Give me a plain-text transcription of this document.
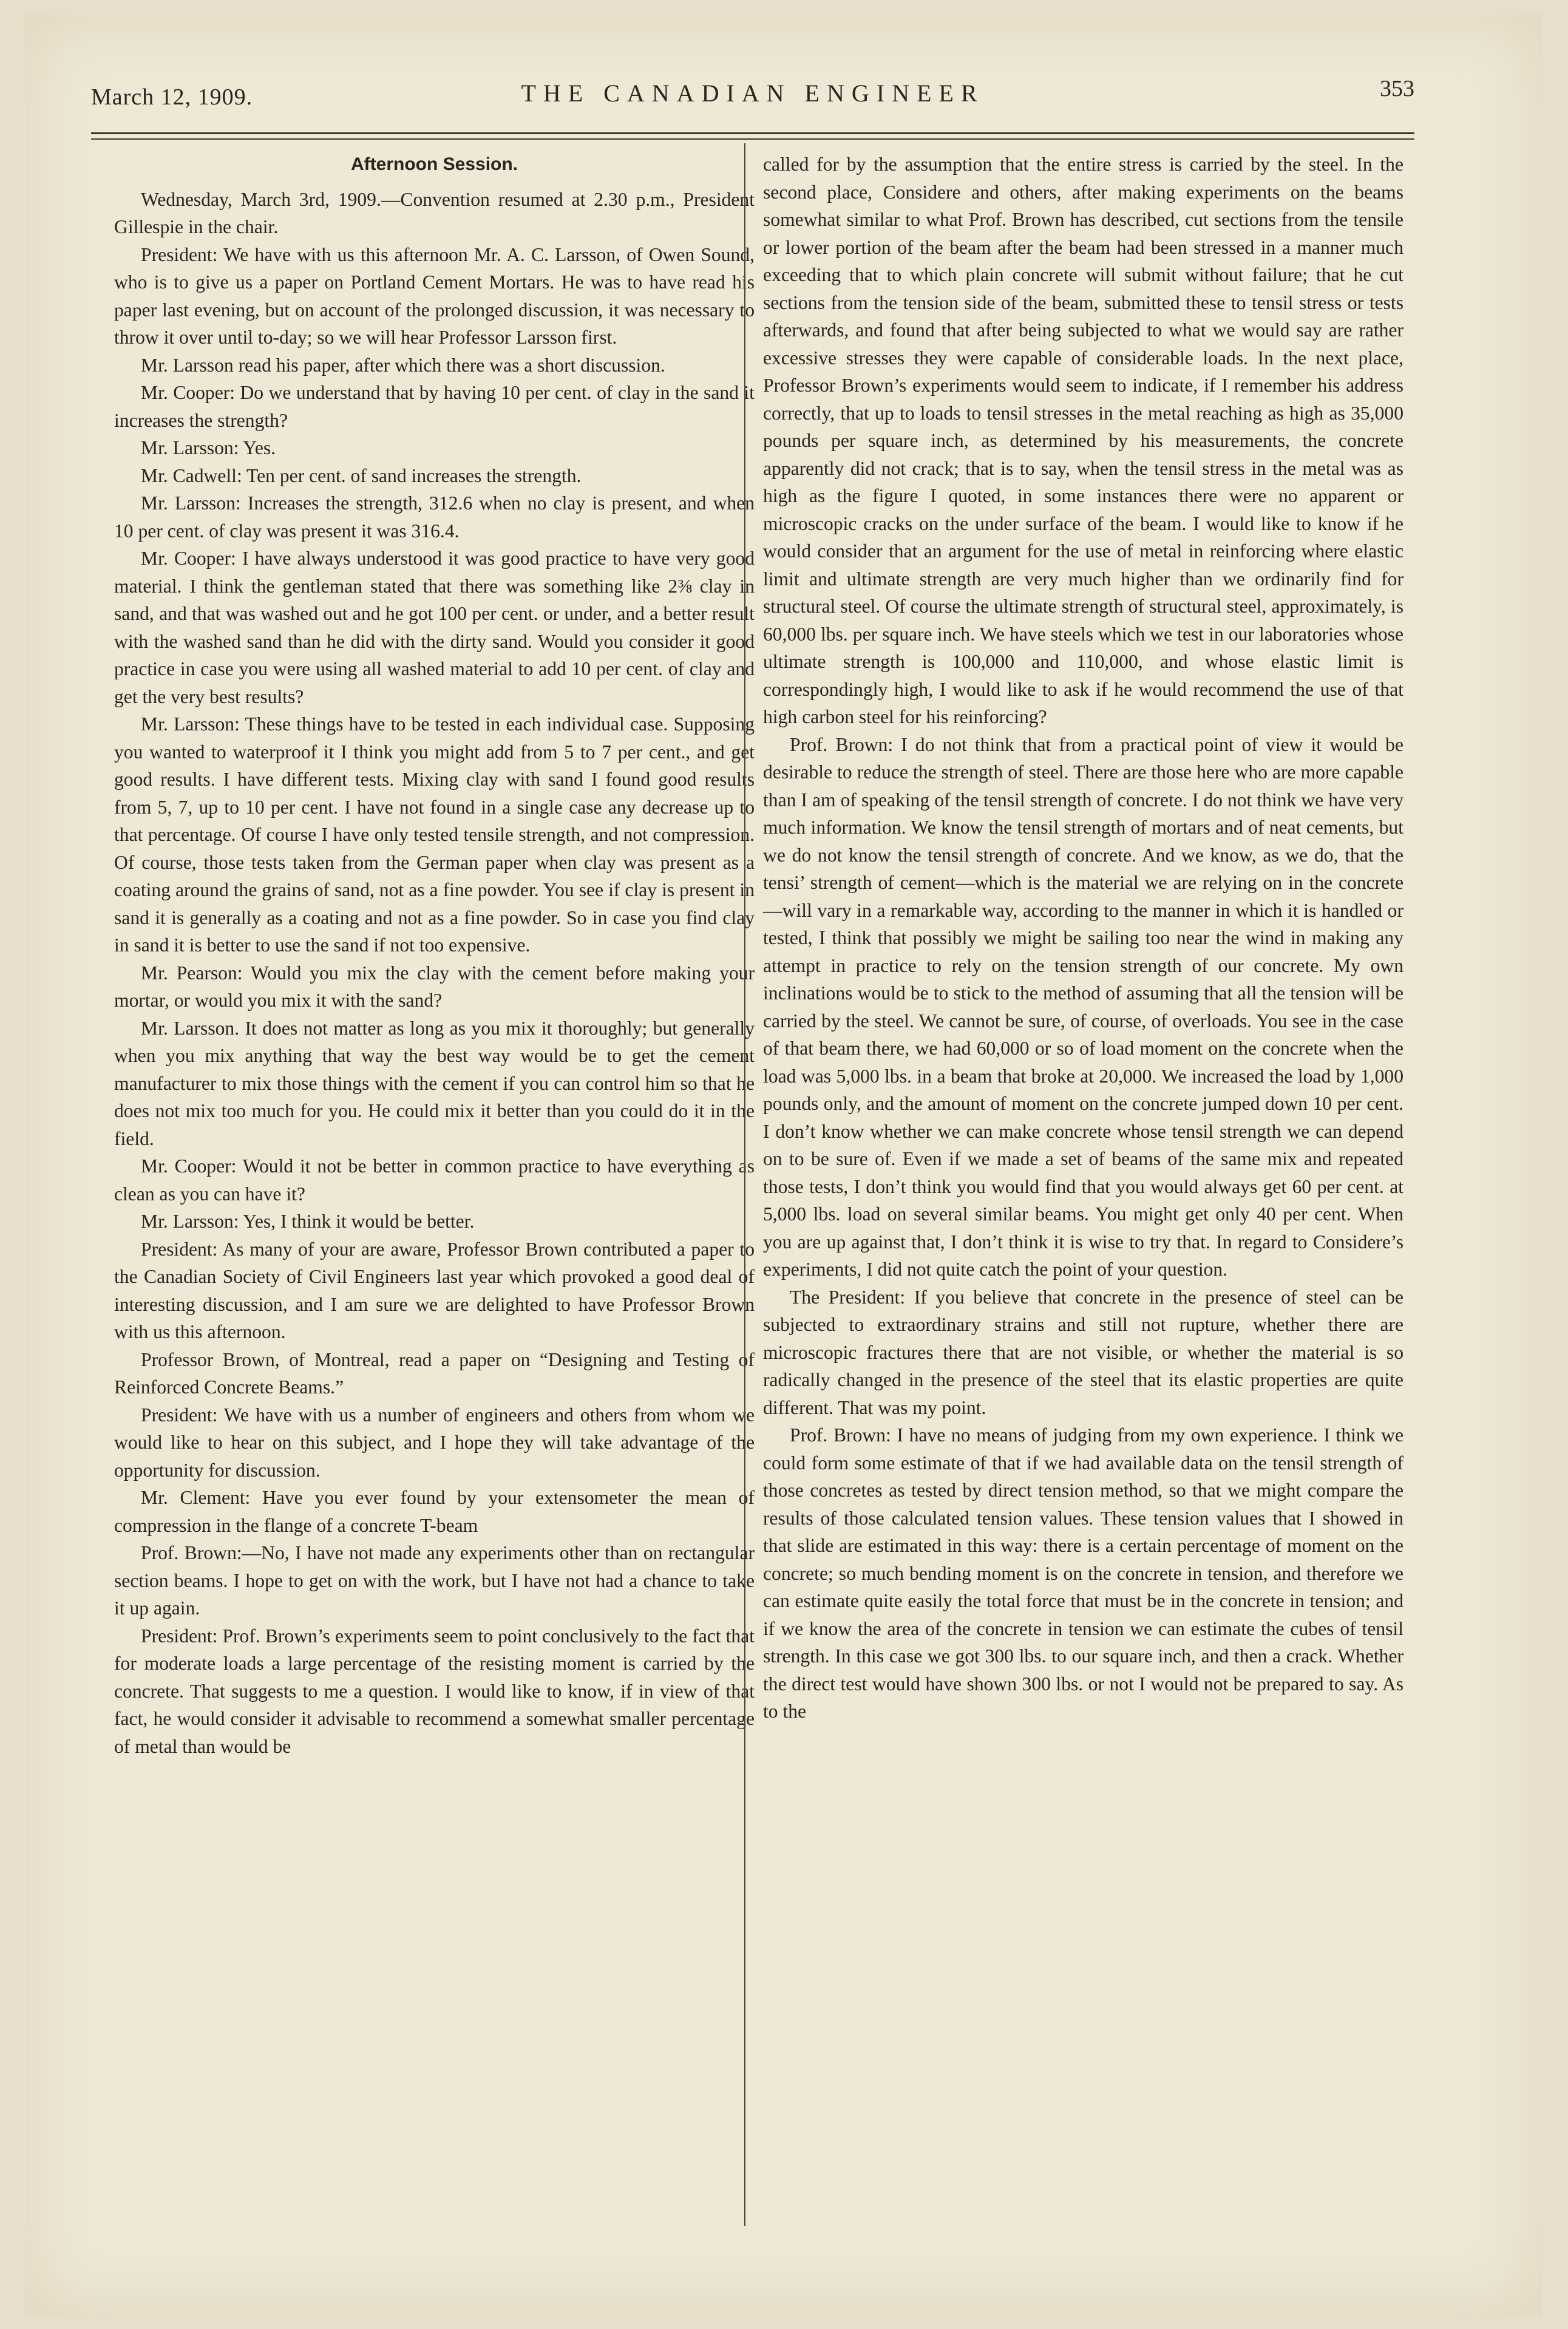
March 12, 1909.	THE CANADIAN ENGINEER	353
Afternoon Session.

Wednesday, March 3rd, 1909.—Convention resumed at 2.30 p.m., President Gillespie in the chair.

President: We have with us this afternoon Mr. A. C. Larsson, of Owen Sound, who is to give us a paper on Portland Cement Mortars. He was to have read his paper last evening, but on account of the prolonged discussion, it was necessary to throw it over until to-day; so we will hear Professor Larsson first.

Mr. Larsson read his paper, after which there was a short discussion.

Mr. Cooper: Do we understand that by having 10 per cent. of clay in the sand it increases the strength?

Mr. Larsson: Yes.

Mr. Cadwell: Ten per cent. of sand increases the strength.

Mr. Larsson: Increases the strength, 312.6 when no clay is present, and when 10 per cent. of clay was present it was 316.4.

Mr. Cooper: I have always understood it was good practice to have very good material. I think the gentleman stated that there was something like 2⅜ clay in sand, and that was washed out and he got 100 per cent. or under, and a better result with the washed sand than he did with the dirty sand. Would you consider it good practice in case you were using all washed material to add 10 per cent. of clay and get the very best results?

Mr. Larsson: These things have to be tested in each individual case. Supposing you wanted to waterproof it I think you might add from 5 to 7 per cent., and get good results. I have different tests. Mixing clay with sand I found good results from 5, 7, up to 10 per cent. I have not found in a single case any decrease up to that percentage. Of course I have only tested tensile strength, and not compression. Of course, those tests taken from the German paper when clay was present as a coating around the grains of sand, not as a fine powder. You see if clay is present in sand it is generally as a coating and not as a fine powder. So in case you find clay in sand it is better to use the sand if not too expensive.

Mr. Pearson: Would you mix the clay with the cement before making your mortar, or would you mix it with the sand?

Mr. Larsson. It does not matter as long as you mix it thoroughly; but generally when you mix anything that way the best way would be to get the cement manufacturer to mix those things with the cement if you can control him so that he does not mix too much for you. He could mix it better than you could do it in the field.

Mr. Cooper: Would it not be better in common practice to have everything as clean as you can have it?

Mr. Larsson: Yes, I think it would be better.

President: As many of your are aware, Professor Brown contributed a paper to the Canadian Society of Civil Engineers last year which provoked a good deal of interesting discussion, and I am sure we are delighted to have Professor Brown with us this afternoon.

Professor Brown, of Montreal, read a paper on “Designing and Testing of Reinforced Concrete Beams.”

President: We have with us a number of engineers and others from whom we would like to hear on this subject, and I hope they will take advantage of the opportunity for discussion.

Mr. Clement: Have you ever found by your extensometer the mean of compression in the flange of a concrete T-beam

Prof. Brown:—No, I have not made any experiments other than on rectangular section beams. I hope to get on with the work, but I have not had a chance to take it up again.

President: Prof. Brown’s experiments seem to point conclusively to the fact that for moderate loads a large percentage of the resisting moment is carried by the concrete. That suggests to me a question. I would like to know, if in view of that fact, he would consider it advisable to recommend a somewhat smaller percentage of metal than would be

called for by the assumption that the entire stress is carried by the steel. In the second place, Considere and others, after making experiments on the beams somewhat similar to what Prof. Brown has described, cut sections from the tensile or lower portion of the beam after the beam had been stressed in a manner much exceeding that to which plain concrete will submit without failure; that he cut sections from the tension side of the beam, submitted these to tensil stress or tests afterwards, and found that after being subjected to what we would say are rather excessive stresses they were capable of considerable loads. In the next place, Professor Brown’s experiments would seem to indicate, if I remember his address correctly, that up to loads to tensil stresses in the metal reaching as high as 35,000 pounds per square inch, as determined by his measurements, the concrete apparently did not crack; that is to say, when the tensil stress in the metal was as high as the figure I quoted, in some instances there were no apparent or microscopic cracks on the under surface of the beam. I would like to know if he would consider that an argument for the use of metal in reinforcing where elastic limit and ultimate strength are very much higher than we ordinarily find for structural steel. Of course the ultimate strength of structural steel, approximately, is 60,000 lbs. per square inch. We have steels which we test in our laboratories whose ultimate strength is 100,000 and 110,000, and whose elastic limit is correspondingly high, I would like to ask if he would recommend the use of that high carbon steel for his reinforcing?

Prof. Brown: I do not think that from a practical point of view it would be desirable to reduce the strength of steel. There are those here who are more capable than I am of speaking of the tensil strength of concrete. I do not think we have very much information. We know the tensil strength of mortars and of neat cements, but we do not know the tensil strength of concrete. And we know, as we do, that the tensi’ strength of cement—which is the material we are relying on in the concrete—will vary in a remarkable way, according to the manner in which it is handled or tested, I think that possibly we might be sailing too near the wind in making any attempt in practice to rely on the tension strength of our concrete. My own inclinations would be to stick to the method of assuming that all the tension will be carried by the steel. We cannot be sure, of course, of overloads. You see in the case of that beam there, we had 60,000 or so of load moment on the concrete when the load was 5,000 lbs. in a beam that broke at 20,000. We increased the load by 1,000 pounds only, and the amount of moment on the concrete jumped down 10 per cent. I don’t know whether we can make concrete whose tensil strength we can depend on to be sure of. Even if we made a set of beams of the same mix and repeated those tests, I don’t think you would find that you would always get 60 per cent. at 5,000 lbs. load on several similar beams. You might get only 40 per cent. When you are up against that, I don’t think it is wise to try that. In regard to Considere’s experiments, I did not quite catch the point of your question.

The President: If you believe that concrete in the presence of steel can be subjected to extraordinary strains and still not rupture, whether there are microscopic fractures there that are not visible, or whether the material is so radically changed in the presence of the steel that its elastic properties are quite different. That was my point.

Prof. Brown: I have no means of judging from my own experience. I think we could form some estimate of that if we had available data on the tensil strength of those concretes as tested by direct tension method, so that we might compare the results of those calculated tension values. These tension values that I showed in that slide are estimated in this way: there is a certain percentage of moment on the concrete; so much bending moment is on the concrete in tension, and therefore we can estimate quite easily the total force that must be in the concrete in tension; and if we know the area of the concrete in tension we can estimate the cubes of tensil strength. In this case we got 300 lbs. to our square inch, and then a crack. Whether the direct test would have shown 300 lbs. or not I would not be prepared to say. As to the
